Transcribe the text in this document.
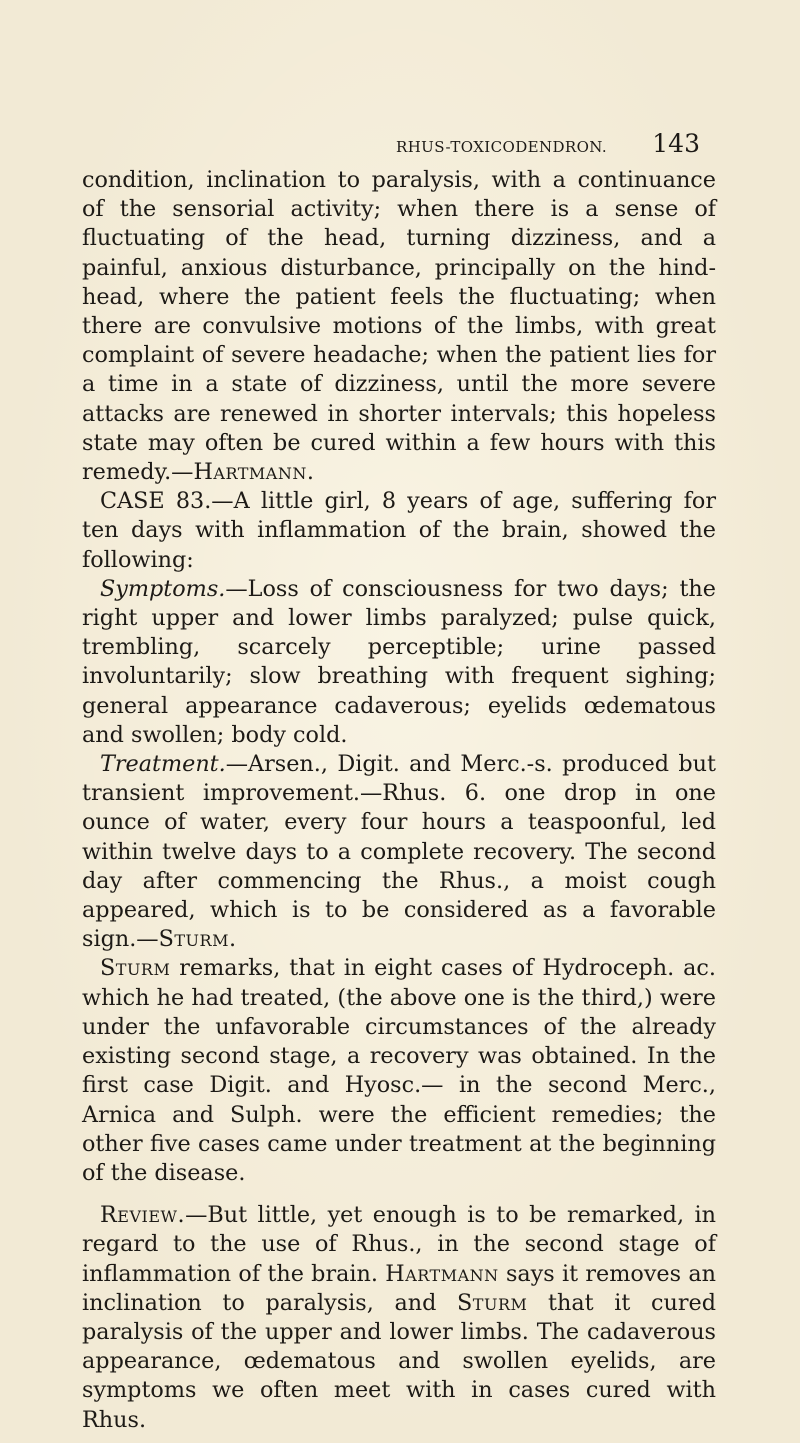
RHUS-TOXICODENDRON. 143

condition, inclination to paralysis, with a continuance of the sensorial activity; when there is a sense of fluctuating of the head, turning dizziness, and a painful, anxious disturbance, principally on the hind-head, where the patient feels the fluctuating; when there are convulsive motions of the limbs, with great complaint of severe headache; when the patient lies for a time in a state of dizziness, until the more severe attacks are renewed in shorter intervals; this hopeless state may often be cured within a few hours with this remedy.—Hartmann.

CASE 83.—A little girl, 8 years of age, suffering for ten days with inflammation of the brain, showed the following:

Symptoms.—Loss of consciousness for two days; the right upper and lower limbs paralyzed; pulse quick, trembling, scarcely perceptible; urine passed involuntarily; slow breathing with frequent sighing; general appearance cadaverous; eyelids œdematous and swollen; body cold.

Treatment.—Arsen., Digit. and Merc.-s. produced but transient improvement.—Rhus. 6. one drop in one ounce of water, every four hours a teaspoonful, led within twelve days to a complete recovery. The second day after commencing the Rhus., a moist cough appeared, which is to be considered as a favorable sign.—Sturm.

Sturm remarks, that in eight cases of Hydroceph. ac. which he had treated, (the above one is the third,) were under the unfavorable circumstances of the already existing second stage, a recovery was obtained. In the first case Digit. and Hyosc.— in the second Merc., Arnica and Sulph. were the efficient remedies; the other five cases came under treatment at the beginning of the disease.

Review.—But little, yet enough is to be remarked, in regard to the use of Rhus., in the second stage of inflammation of the brain. Hartmann says it removes an inclination to paralysis, and Sturm that it cured paralysis of the upper and lower limbs. The cadaverous appearance, œdematous and swollen eyelids, are symptoms we often meet with in cases cured with Rhus.
